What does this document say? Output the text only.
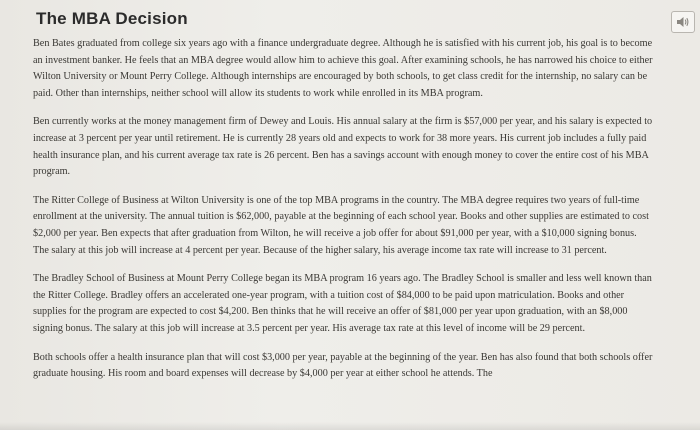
The MBA Decision

Ben Bates graduated from college six years ago with a finance undergraduate degree. Although he is satisfied with his current job, his goal is to become an investment banker. He feels that an MBA degree would allow him to achieve this goal. After examining schools, he has narrowed his choice to either Wilton University or Mount Perry College. Although internships are encouraged by both schools, to get class credit for the internship, no salary can be paid. Other than internships, neither school will allow its students to work while enrolled in its MBA program.

Ben currently works at the money management firm of Dewey and Louis. His annual salary at the firm is $57,000 per year, and his salary is expected to increase at 3 percent per year until retirement. He is currently 28 years old and expects to work for 38 more years. His current job includes a fully paid health insurance plan, and his current average tax rate is 26 percent. Ben has a savings account with enough money to cover the entire cost of his MBA program.

The Ritter College of Business at Wilton University is one of the top MBA programs in the country. The MBA degree requires two years of full-time enrollment at the university. The annual tuition is $62,000, payable at the beginning of each school year. Books and other supplies are estimated to cost $2,000 per year. Ben expects that after graduation from Wilton, he will receive a job offer for about $91,000 per year, with a $10,000 signing bonus. The salary at this job will increase at 4 percent per year. Because of the higher salary, his average income tax rate will increase to 31 percent.

The Bradley School of Business at Mount Perry College began its MBA program 16 years ago. The Bradley School is smaller and less well known than the Ritter College. Bradley offers an accelerated one-year program, with a tuition cost of $84,000 to be paid upon matriculation. Books and other supplies for the program are expected to cost $4,200. Ben thinks that he will receive an offer of $81,000 per year upon graduation, with an $8,000 signing bonus. The salary at this job will increase at 3.5 percent per year. His average tax rate at this level of income will be 29 percent.

Both schools offer a health insurance plan that will cost $3,000 per year, payable at the beginning of the year. Ben has also found that both schools offer graduate housing. His room and board expenses will decrease by $4,000 per year at either school he attends. The
